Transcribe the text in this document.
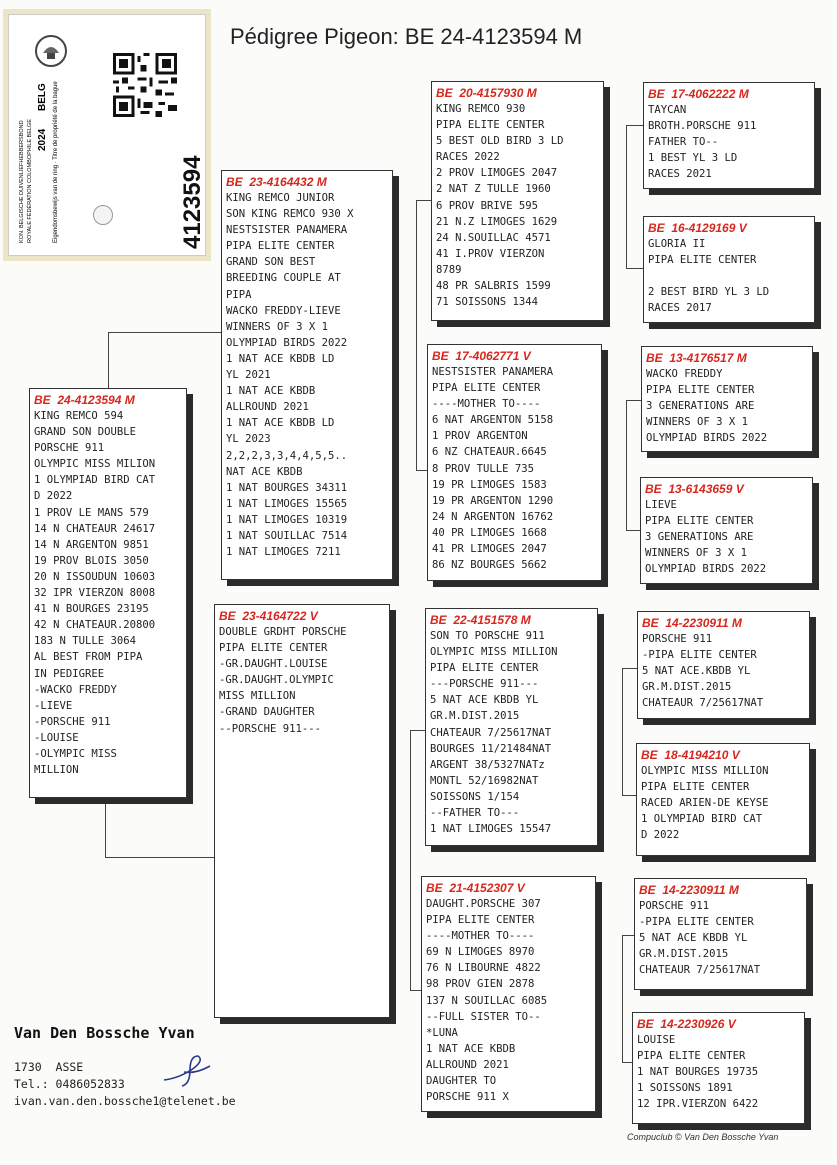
Pédigree Pigeon: BE 24-4123594 M
KON. BELGISCHE DUIVENLIEFHEBBERSBOND ROYALE FÉDÉRATION COLOMBOPHILE BELGE 2024
BELG Eigendomsbewijs van de ring · Titre de propriété de la bague	4123594
BE  24-4123594 M
KING REMCO 594
GRAND SON DOUBLE
PORSCHE 911
OLYMPIC MISS MILION
1 OLYMPIAD BIRD CAT
D 2022
1 PROV LE MANS 579
14 N CHATEAUR 24617
14 N ARGENTON 9851
19 PROV BLOIS 3050
20 N ISSOUDUN 10603
32 IPR VIERZON 8008
41 N BOURGES 23195
42 N CHATEAUR.20800
183 N TULLE 3064
AL BEST FROM PIPA
IN PEDIGREE
-WACKO FREDDY
-LIEVE
-PORSCHE 911
-LOUISE
-OLYMPIC MISS
MILLION
BE  23-4164432 M
KING REMCO JUNIOR
SON KING REMCO 930 X
NESTSISTER PANAMERA
PIPA ELITE CENTER
GRAND SON BEST
BREEDING COUPLE AT
PIPA
WACKO FREDDY-LIEVE
WINNERS OF 3 X 1
OLYMPIAD BIRDS 2022
1 NAT ACE KBDB LD
YL 2021
1 NAT ACE KBDB
ALLROUND 2021
1 NAT ACE KBDB LD
YL 2023
2,2,2,3,3,4,4,5,5..
NAT ACE KBDB
1 NAT BOURGES 34311
1 NAT LIMOGES 15565
1 NAT LIMOGES 10319
1 NAT SOUILLAC 7514
1 NAT LIMOGES 7211
BE  23-4164722 V
DOUBLE GRDHT PORSCHE
PIPA ELITE CENTER
-GR.DAUGHT.LOUISE
-GR.DAUGHT.OLYMPIC
MISS MILLION
-GRAND DAUGHTER
--PORSCHE 911---
BE  20-4157930 M
KING REMCO 930
PIPA ELITE CENTER
5 BEST OLD BIRD 3 LD
RACES 2022
2 PROV LIMOGES 2047
2 NAT Z TULLE 1960
6 PROV BRIVE 595
21 N.Z LIMOGES 1629
24 N.SOUILLAC 4571
41 I.PROV VIERZON
8789
48 PR SALBRIS 1599
71 SOISSONS 1344
BE  17-4062771 V
NESTSISTER PANAMERA
PIPA ELITE CENTER
----MOTHER TO----
6 NAT ARGENTON 5158
1 PROV ARGENTON
6 NZ CHATEAUR.6645
8 PROV TULLE 735
19 PR LIMOGES 1583
19 PR ARGENTON 1290
24 N ARGENTON 16762
40 PR LIMOGES 1668
41 PR LIMOGES 2047
86 NZ BOURGES 5662
BE  22-4151578 M
SON TO PORSCHE 911
OLYMPIC MISS MILLION
PIPA ELITE CENTER
---PORSCHE 911---
5 NAT ACE KBDB YL
GR.M.DIST.2015
CHATEAUR 7/25617NAT
BOURGES 11/21484NAT
ARGENT 38/5327NATz
MONTL 52/16982NAT
SOISSONS 1/154
--FATHER TO---
1 NAT LIMOGES 15547
BE  21-4152307 V
DAUGHT.PORSCHE 307
PIPA ELITE CENTER
----MOTHER TO----
69 N LIMOGES 8970
76 N LIBOURNE 4822
98 PROV GIEN 2878
137 N SOUILLAC 6085
--FULL SISTER TO--
*LUNA
1 NAT ACE KBDB
ALLROUND 2021
DAUGHTER TO
PORSCHE 911 X
BE  17-4062222 M
TAYCAN
BROTH.PORSCHE 911
FATHER TO--
1 BEST YL 3 LD
RACES 2021
BE  16-4129169 V
GLORIA II
PIPA ELITE CENTER

2 BEST BIRD YL 3 LD
RACES 2017
BE  13-4176517 M
WACKO FREDDY
PIPA ELITE CENTER
3 GENERATIONS ARE
WINNERS OF 3 X 1
OLYMPIAD BIRDS 2022
BE  13-6143659 V
LIEVE
PIPA ELITE CENTER
3 GENERATIONS ARE
WINNERS OF 3 X 1
OLYMPIAD BIRDS 2022
BE  14-2230911 M
PORSCHE 911
-PIPA ELITE CENTER
5 NAT ACE.KBDB YL
GR.M.DIST.2015
CHATEAUR 7/25617NAT
BE  18-4194210 V
OLYMPIC MISS MILLION
PIPA ELITE CENTER
RACED ARIEN-DE KEYSE
1 OLYMPIAD BIRD CAT
D 2022
BE  14-2230911 M
PORSCHE 911
-PIPA ELITE CENTER
5 NAT ACE KBDB YL
GR.M.DIST.2015
CHATEAUR 7/25617NAT
BE  14-2230926 V
LOUISE
PIPA ELITE CENTER
1 NAT BOURGES 19735
1 SOISSONS 1891
12 IPR.VIERZON 6422
Van Den Bossche Yvan
1730  ASSE
Tel.: 0486052833
ivan.van.den.bossche1@telenet.be
Compuclub © Van Den Bossche Yvan
